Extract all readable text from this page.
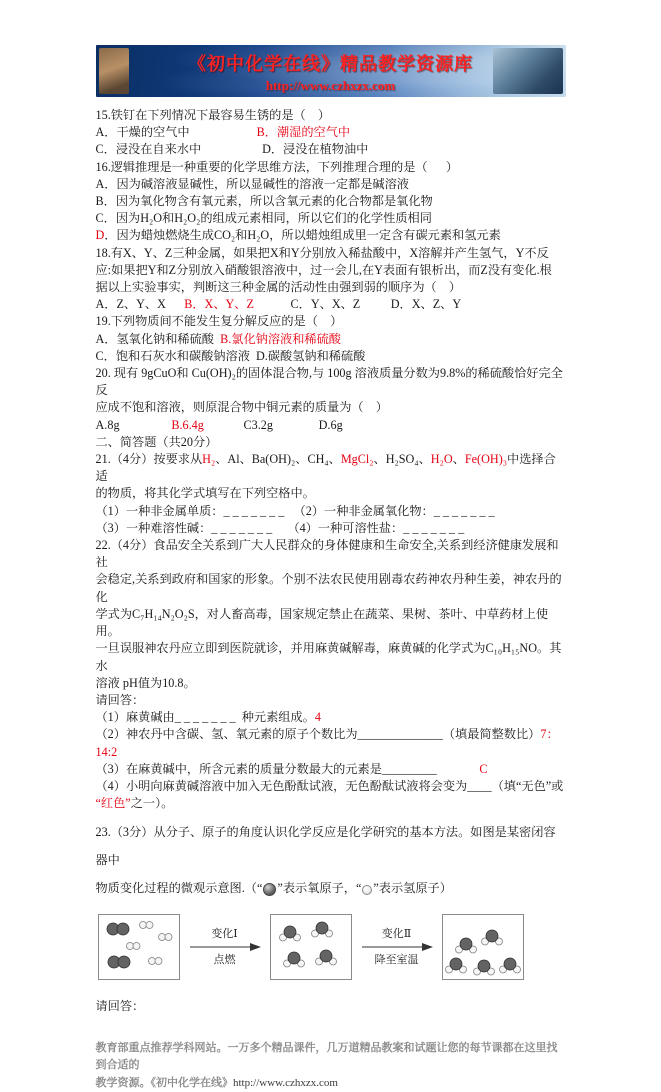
《初中化学在线》精品教学资源库
http://www.czhxzx.com

15.铁钉在下列情况下最容易生锈的是（    ）

A．干燥的空气中                      B．潮湿的空气中

C．浸没在自来水中                    D．浸没在植物油中

16.逻辑推理是一种重要的化学思维方法，下列推理合理的是（      ）

A．因为碱溶液显碱性，所以显碱性的溶液一定都是碱溶液

B．因为氧化物含有氧元素，所以含氧元素的化合物都是氧化物

C．因为H₂O和H₂O₂的组成元素相同，所以它们的化学性质相同

D．因为蜡烛燃烧生成CO₂和H₂O，所以蜡烛组成里一定含有碳元素和氢元素

18.有X、Y、Z三种金属，如果把X和Y分别放入稀盐酸中，X溶解并产生氢气，Y不反

应:如果把Y和Z分别放入硝酸银溶液中，过一会儿,在Y表面有银析出，而Z没有变化.根

据以上实验事实，判断这三种金属的活动性由强到弱的顺序为（    ）

A．Z、Y、X      B．X、Y、Z            C．Y、X、Z          D．X、Z、Y

19.下列物质间不能发生复分解反应的是（    ）

A．氢氧化钠和稀硫酸  B.氯化钠溶液和稀硫酸

C．饱和石灰水和碳酸钠溶液  D.碳酸氢钠和稀硫酸

20. 现有 9gCuO和 Cu(OH)₂的固体混合物,与 100g 溶液质量分数为9.8%的稀硫酸恰好完全反

应成不饱和溶液，则原混合物中铜元素的质量为（    ）

A.8g                 B.6.4g             C3.2g               D.6g

二、简答题（共20分）

21.（4分）按要求从H₂、Al、Ba(OH)₂、CH₄、MgCl₂、H₂SO₄、H₂O、Fe(OH)₃中选择合适

的物质，将其化学式填写在下列空格中。

（1）一种非金属单质：_ _ _ _ _ _ _   （2）一种非金属氧化物：_ _ _ _ _ _ _

（3）一种难溶性碱：_ _ _ _ _ _ _     （4）一种可溶性盐：_ _ _ _ _ _ _

22.（4分）食品安全关系到广大人民群众的身体健康和生命安全,关系到经济健康发展和社

会稳定,关系到政府和国家的形象。个别不法农民使用剧毒农药神农丹种生姜，神农丹的化

学式为C₇H₁₄N₂O₂S，对人畜高毒，国家规定禁止在蔬菜、果树、茶叶、中草药材上使用。

一旦误服神农丹应立即到医院就诊，并用麻黄碱解毒，麻黄碱的化学式为C₁₀H₁₅NO。其水

溶液 pH值为10.8。

请回答：

（1）麻黄碱由_ _ _ _ _ _ _  种元素组成。4

（2）神农丹中含碳、氢、氧元素的原子个数比为______________（填最简整数比）7：14:2

（3）在麻黄碱中，所含元素的质量分数最大的元素是_________              C

（4）小明向麻黄碱溶液中加入无色酚酞试液，无色酚酞试液将会变为____（填“无色”或

“红色”之一）。

23.（3分）从分子、原子的角度认识化学反应是化学研究的基本方法。如图是某密闭容器中

物质变化过程的微观示意图.（“ ”表示氧原子，“ ”表示氢原子）

变化Ⅰ
点燃
变化Ⅱ
降至室温

请回答：

教育部重点推荐学科网站。一万多个精品课件，几万道精品教案和试题让您的每节课都在这里找到合适的

教学资源。《初中化学在线》http://www.czhxzx.com
